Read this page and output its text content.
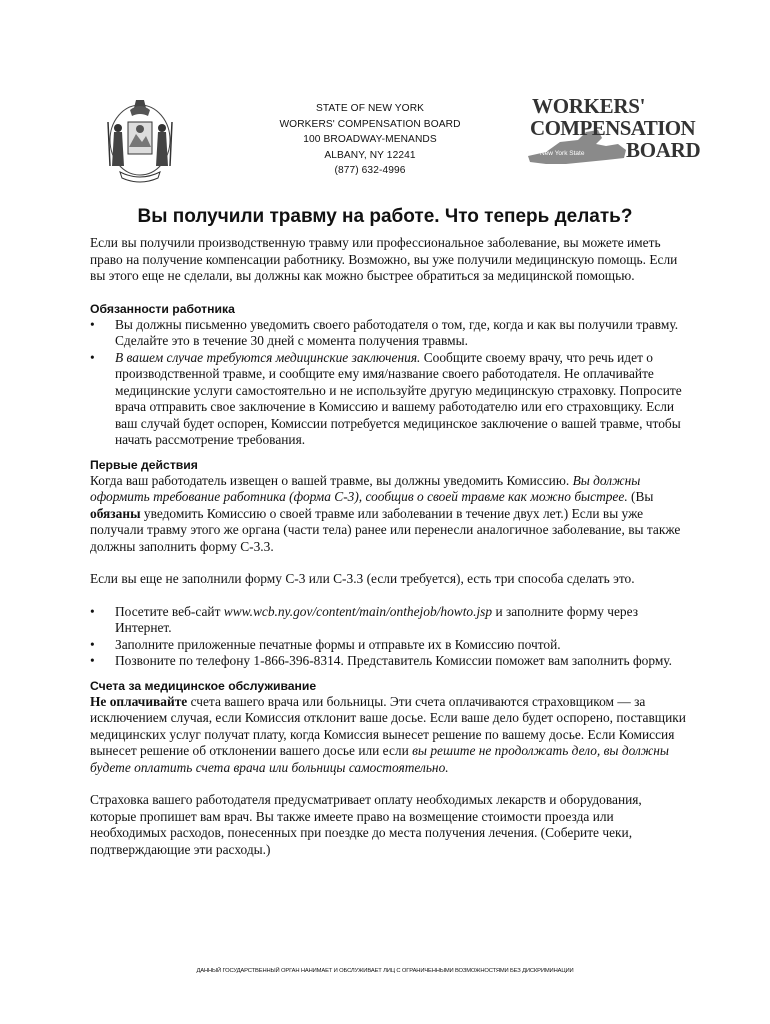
STATE OF NEW YORK
WORKERS' COMPENSATION BOARD
100 BROADWAY-MENANDS
ALBANY, NY 12241
(877) 632-4996
New York State
WORKERS'
COMPENSATION
BOARD
Вы получили травму на работе. Что теперь делать?

Если вы получили производственную травму или профессиональное заболевание, вы можете иметь право на получение компенсации работнику. Возможно, вы уже получили медицинскую помощь. Если вы этого еще не сделали, вы должны как можно быстрее обратиться за медицинской помощью.

Обязанности работника
• Вы должны письменно уведомить своего работодателя о том, где, когда и как вы получили травму. Сделайте это в течение 30 дней с момента получения травмы.
• В вашем случае требуются медицинские заключения. Сообщите своему врачу, что речь идет о производственной травме, и сообщите ему имя/название своего работодателя. Не оплачивайте медицинские услуги самостоятельно и не используйте другую медицинскую страховку. Попросите врача отправить свое заключение в Комиссию и вашему работодателю или его страховщику. Если ваш случай будет оспорен, Комиссии потребуется медицинское заключение о вашей травме, чтобы начать рассмотрение требования.
Первые действия

Когда ваш работодатель извещен о вашей травме, вы должны уведомить Комиссию. Вы должны оформить требование работника (форма С-3), сообщив о своей травме как можно быстрее. (Вы обязаны уведомить Комиссию о своей травме или заболевании в течение двух лет.) Если вы уже получали травму этого же органа (части тела) ранее или перенесли аналогичное заболевание, вы также должны заполнить форму С-3.3.

Если вы еще не заполнили форму С-3 или С-3.3 (если требуется), есть три способа сделать это.

• Посетите веб-сайт www.wcb.ny.gov/content/main/onthejob/howto.jsp и заполните форму через Интернет.
• Заполните приложенные печатные формы и отправьте их в Комиссию почтой.
• Позвоните по телефону 1-866-396-8314. Представитель Комиссии поможет вам заполнить форму.
Счета за медицинское обслуживание

Не оплачивайте счета вашего врача или больницы. Эти счета оплачиваются страховщиком — за исключением случая, если Комиссия отклонит ваше досье. Если ваше дело будет оспорено, поставщики медицинских услуг получат плату, когда Комиссия вынесет решение по вашему досье. Если Комиссия вынесет решение об отклонении вашего досье или если вы решите не продолжать дело, вы должны будете оплатить счета врача или больницы самостоятельно.

Страховка вашего работодателя предусматривает оплату необходимых лекарств и оборудования, которые пропишет вам врач. Вы также имеете право на возмещение стоимости проезда или необходимых расходов, понесенных при поездке до места получения лечения. (Соберите чеки, подтверждающие эти расходы.)

ДАННЫЙ ГОСУДАРСТВЕННЫЙ ОРГАН НАНИМАЕТ И ОБСЛУЖИВАЕТ ЛИЦ С ОГРАНИЧЕННЫМИ ВОЗМОЖНОСТЯМИ БЕЗ ДИСКРИМИНАЦИИ
